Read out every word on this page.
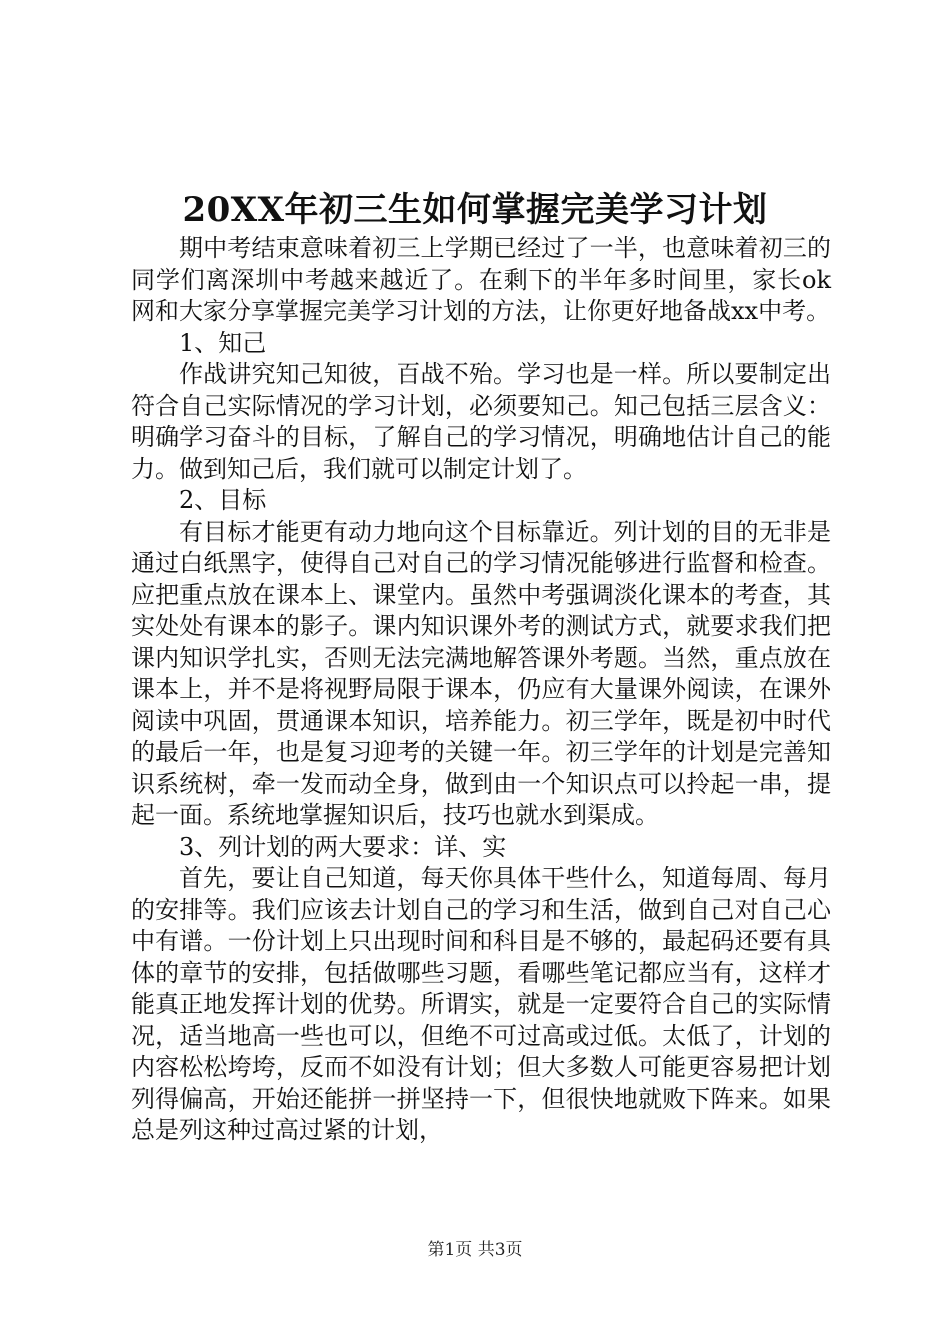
20XX年初三生如何掌握完美学习计划

期中考结束意味着初三上学期已经过了一半，也意味着初三的同学们离深圳中考越来越近了。在剩下的半年多时间里，家长ok网和大家分享掌握完美学习计划的方法，让你更好地备战xx中考。

1、知己

作战讲究知己知彼，百战不殆。学习也是一样。所以要制定出符合自己实际情况的学习计划，必须要知己。知己包括三层含义：明确学习奋斗的目标，了解自己的学习情况，明确地估计自己的能力。做到知己后，我们就可以制定计划了。

2、目标

有目标才能更有动力地向这个目标靠近。列计划的目的无非是通过白纸黑字，使得自己对自己的学习情况能够进行监督和检查。应把重点放在课本上、课堂内。虽然中考强调淡化课本的考查，其实处处有课本的影子。课内知识课外考的测试方式，就要求我们把课内知识学扎实，否则无法完满地解答课外考题。当然，重点放在课本上，并不是将视野局限于课本，仍应有大量课外阅读，在课外阅读中巩固，贯通课本知识，培养能力。初三学年，既是初中时代的最后一年，也是复习迎考的关键一年。初三学年的计划是完善知识系统树，牵一发而动全身，做到由一个知识点可以拎起一串，提起一面。系统地掌握知识后，技巧也就水到渠成。

3、列计划的两大要求：详、实

首先，要让自己知道，每天你具体干些什么，知道每周、每月的安排等。我们应该去计划自己的学习和生活，做到自己对自己心中有谱。一份计划上只出现时间和科目是不够的，最起码还要有具体的章节的安排，包括做哪些习题，看哪些笔记都应当有，这样才能真正地发挥计划的优势。所谓实，就是一定要符合自己的实际情况，适当地高一些也可以，但绝不可过高或过低。太低了，计划的内容松松垮垮，反而不如没有计划；但大多数人可能更容易把计划列得偏高，开始还能拼一拼坚持一下，但很快地就败下阵来。如果总是列这种过高过紧的计划，

第1页 共3页
